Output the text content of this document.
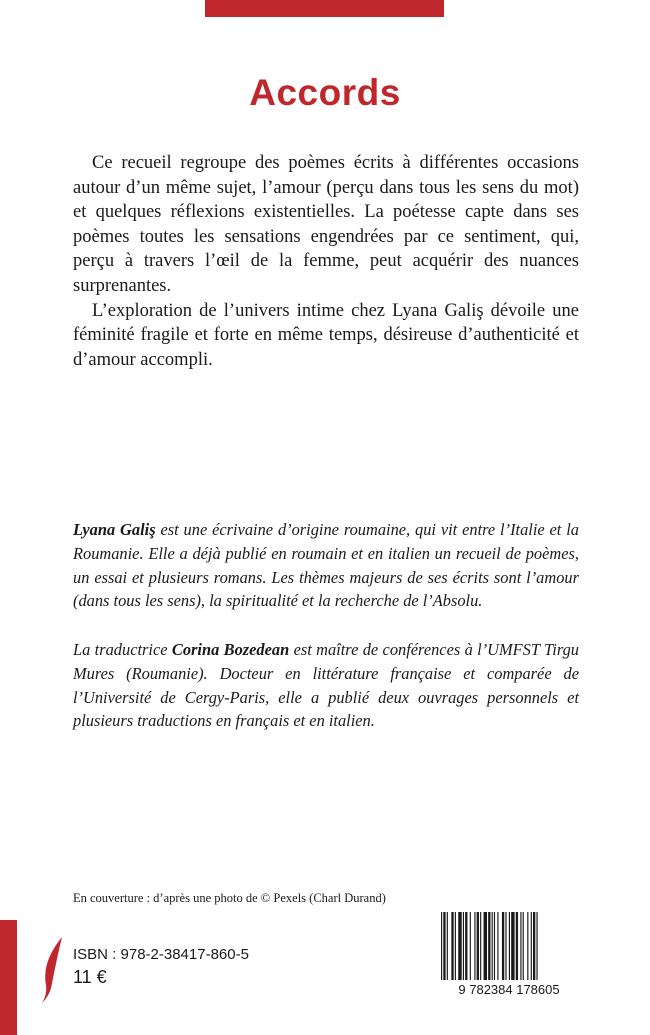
Accords

Ce recueil regroupe des poèmes écrits à différentes occasions autour d’un même sujet, l’amour (perçu dans tous les sens du mot) et quelques réflexions existentielles. La poétesse capte dans ses poèmes toutes les sensations engendrées par ce sentiment, qui, perçu à travers l’œil de la femme, peut acquérir des nuances surprenantes.

L’exploration de l’univers intime chez Lyana Galiş dévoile une féminité fragile et forte en même temps, désireuse d’authenticité et d’amour accompli.

Lyana Galiş est une écrivaine d’origine roumaine, qui vit entre l’Italie et la Roumanie. Elle a déjà publié en roumain et en italien un recueil de poèmes, un essai et plusieurs romans. Les thèmes majeurs de ses écrits sont l’amour (dans tous les sens), la spiritualité et la recherche de l’Absolu.

La traductrice Corina Bozedean est maître de conférences à l’UMFST Tirgu Mures (Roumanie). Docteur en littérature française et comparée de l’Université de Cergy-Paris, elle a publié deux ouvrages personnels et plusieurs traductions en français et en italien.

En couverture : d’après une photo de © Pexels (Charl Durand)
ISBN : 978-2-38417-860-5
11 €
9 782384 178605
